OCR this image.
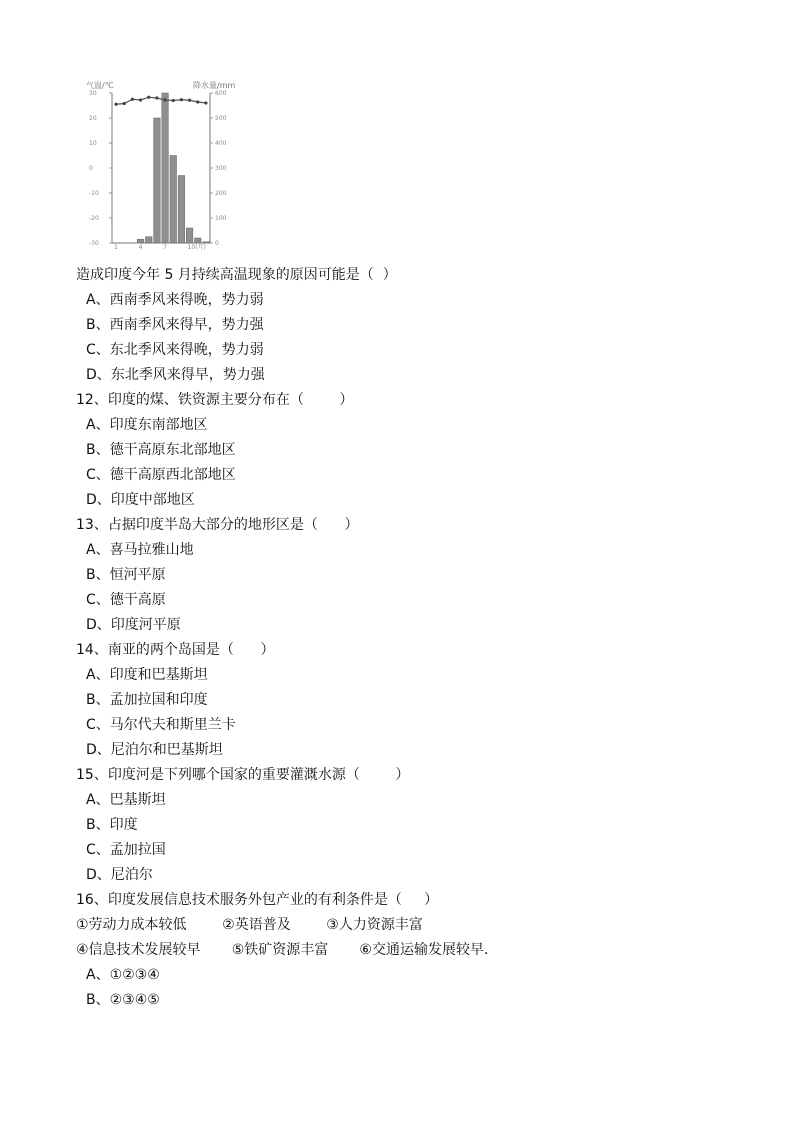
气温/℃	降水量/mm
30
20
10
0
-10
-20
-30
600
500
400
300
200
100
0
1	4	7	10(月)
造成印度今年 5 月持续高温现象的原因可能是（  ）
A、西南季风来得晚，势力弱
B、西南季风来得早，势力强
C、东北季风来得晚，势力弱
D、东北季风来得早，势力强
12、印度的煤、铁资源主要分布在（        ）
A、印度东南部地区
B、德干高原东北部地区
C、德干高原西北部地区
D、印度中部地区
13、占据印度半岛大部分的地形区是（      ）
A、喜马拉雅山地
B、恒河平原
C、德干高原
D、印度河平原
14、南亚的两个岛国是（      ）
A、印度和巴基斯坦
B、孟加拉国和印度
C、马尔代夫和斯里兰卡
D、尼泊尔和巴基斯坦
15、印度河是下列哪个国家的重要灌溉水源（        ）
A、巴基斯坦
B、印度
C、孟加拉国
D、尼泊尔
16、印度发展信息技术服务外包产业的有利条件是（     ）
①劳动力成本较低        ②英语普及        ③人力资源丰富
④信息技术发展较早       ⑤铁矿资源丰富       ⑥交通运输发展较早．
A、①②③④
B、②③④⑤
